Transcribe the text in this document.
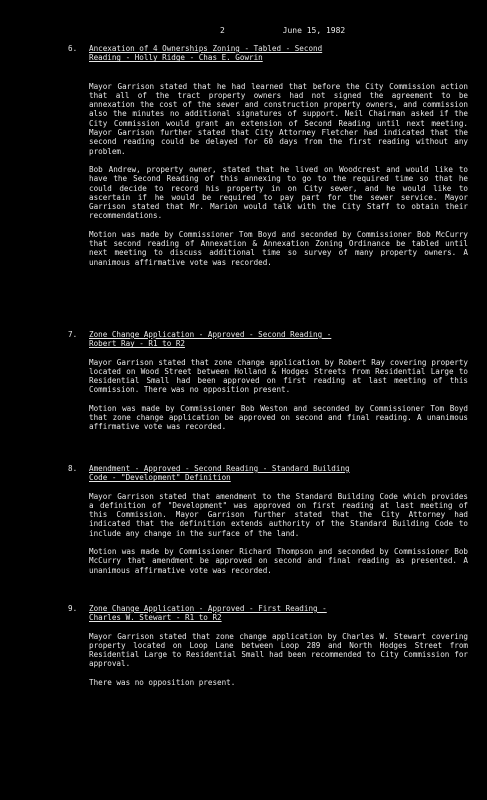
2	June 15, 1982
6. Ancexation of 4 Ownerships Zoning - Tabled - Second
Reading - Holly Ridge - Chas E. Gowrin

Mayor Garrison stated that he had learned that before the City Commission action that all of the tract property owners had not signed the agreement to be annexation the cost of the sewer and construction property owners, and commission also the minutes no additional signatures of support. Neil Chairman asked if the City Commission would grant an extension of Second Reading until next meeting. Mayor Garrison further stated that City Attorney Fletcher had indicated that the second reading could be delayed for 60 days from the first reading without any problem.

Bob Andrew, property owner, stated that he lived on Woodcrest and would like to have the Second Reading of this annexing to go to the required time so that he could decide to record his property in on City sewer, and he would like to ascertain if he would be required to pay part for the sewer service. Mayor Garrison stated that Mr. Marion would talk with the City Staff to obtain their recommendations.

Motion was made by Commissioner Tom Boyd and seconded by Commissioner Bob McCurry that second reading of Annexation & Annexation Zoning Ordinance be tabled until next meeting to discuss additional time so survey of many property owners. A unanimous affirmative vote was recorded.

7. Zone Change Application - Approved - Second Reading -
Robert Ray - R1 to R2

Mayor Garrison stated that zone change application by Robert Ray covering property located on Wood Street between Holland & Hodges Streets from Residential Large to Residential Small had been approved on first reading at last meeting of this Commission. There was no opposition present.

Motion was made by Commissioner Bob Weston and seconded by Commissioner Tom Boyd that zone change application be approved on second and final reading. A unanimous affirmative vote was recorded.

8. Amendment - Approved - Second Reading - Standard Building
Code - "Development" Definition

Mayor Garrison stated that amendment to the Standard Building Code which provides a definition of "Development" was approved on first reading at last meeting of this Commission. Mayor Garrison further stated that the City Attorney had indicated that the definition extends authority of the Standard Building Code to include any change in the surface of the land.

Motion was made by Commissioner Richard Thompson and seconded by Commissioner Bob McCurry that amendment be approved on second and final reading as presented. A unanimous affirmative vote was recorded.

9. Zone Change Application - Approved - First Reading -
Charles W. Stewart - R1 to R2

Mayor Garrison stated that zone change application by Charles W. Stewart covering property located on Loop Lane between Loop 289 and North Hodges Street from Residential Large to Residential Small had been recommended to City Commission for approval.

There was no opposition present.
